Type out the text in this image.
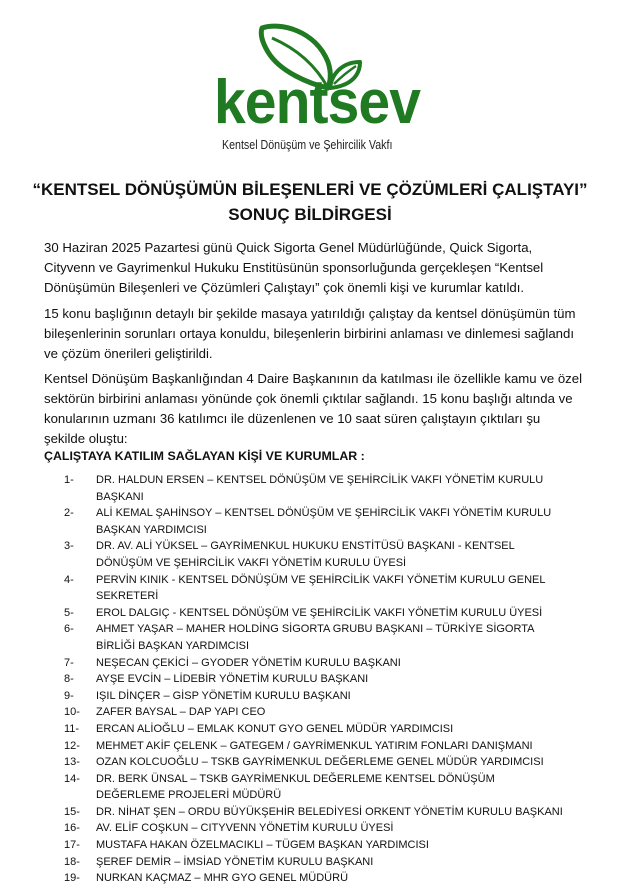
kentsev
Kentsel Dönüşüm ve Şehircilik Vakfı
“KENTSEL DÖNÜŞÜMÜN BİLEŞENLERİ VE ÇÖZÜMLERİ ÇALIŞTAYI”
SONUÇ BİLDİRGESİ
30 Haziran 2025 Pazartesi günü Quick Sigorta Genel Müdürlüğünde, Quick Sigorta, Cityvenn ve Gayrimenkul Hukuku Enstitüsünün sponsorluğunda gerçekleşen “Kentsel Dönüşümün Bileşenleri ve Çözümleri Çalıştayı” çok önemli kişi ve kurumlar katıldı.
15 konu başlığının detaylı bir şekilde masaya yatırıldığı çalıştay da kentsel dönüşümün tüm bileşenlerinin sorunları ortaya konuldu, bileşenlerin birbirini anlaması ve dinlemesi sağlandı ve çözüm önerileri geliştirildi.
Kentsel Dönüşüm Başkanlığından 4 Daire Başkanının da katılması ile özellikle kamu ve özel sektörün birbirini anlaması yönünde çok önemli çıktılar sağlandı. 15 konu başlığı altında ve konularının uzmanı 36 katılımcı ile düzenlenen ve 10 saat süren çalıştayın çıktıları şu şekilde oluştu:
ÇALIŞTAYA KATILIM SAĞLAYAN KİŞİ VE KURUMLAR :
1-	DR. HALDUN ERSEN – KENTSEL DÖNÜŞÜM VE ŞEHİRCİLİK VAKFI YÖNETİM KURULU BAŞKANI
2-	ALİ KEMAL ŞAHİNSOY – KENTSEL DÖNÜŞÜM VE ŞEHİRCİLİK VAKFI YÖNETİM KURULU BAŞKAN YARDIMCISI
3-	DR. AV. ALİ YÜKSEL – GAYRİMENKUL HUKUKU ENSTİTÜSÜ BAŞKANI - KENTSEL DÖNÜŞÜM VE ŞEHİRCİLİK VAKFI YÖNETİM KURULU ÜYESİ
4-	PERVİN KINIK - KENTSEL DÖNÜŞÜM VE ŞEHİRCİLİK VAKFI YÖNETİM KURULU GENEL SEKRETERİ
5-	EROL DALGIÇ - KENTSEL DÖNÜŞÜM VE ŞEHİRCİLİK VAKFI YÖNETİM KURULU ÜYESİ
6-	AHMET YAŞAR – MAHER HOLDİNG SİGORTA GRUBU BAŞKANI – TÜRKİYE SİGORTA BİRLİĞİ BAŞKAN YARDIMCISI
7-	NEŞECAN ÇEKİCİ – GYODER YÖNETİM KURULU BAŞKANI
8-	AYŞE EVCİN – LİDEBİR YÖNETİM KURULU BAŞKANI
9-	IŞIL DİNÇER – GİSP YÖNETİM KURULU BAŞKANI
10-	ZAFER BAYSAL – DAP YAPI CEO
11-	ERCAN ALİOĞLU – EMLAK KONUT GYO GENEL MÜDÜR YARDIMCISI
12-	MEHMET AKİF ÇELENK – GATEGEM / GAYRİMENKUL YATIRIM FONLARI DANIŞMANI
13-	OZAN KOLCUOĞLU – TSKB GAYRİMENKUL DEĞERLEME GENEL MÜDÜR YARDIMCISI
14-	DR. BERK ÜNSAL – TSKB GAYRİMENKUL DEĞERLEME KENTSEL DÖNÜŞÜM DEĞERLEME PROJELERİ MÜDÜRÜ
15-	DR. NİHAT ŞEN – ORDU BÜYÜKŞEHİR BELEDİYESİ ORKENT YÖNETİM KURULU BAŞKANI
16-	AV. ELİF COŞKUN – CITYVENN YÖNETİM KURULU ÜYESİ
17-	MUSTAFA HAKAN ÖZELMACIKLI – TÜGEM BAŞKAN YARDIMCISI
18-	ŞEREF DEMİR – İMSİAD YÖNETİM KURULU BAŞKANI
19-	NURKAN KAÇMAZ – MHR GYO GENEL MÜDÜRÜ
